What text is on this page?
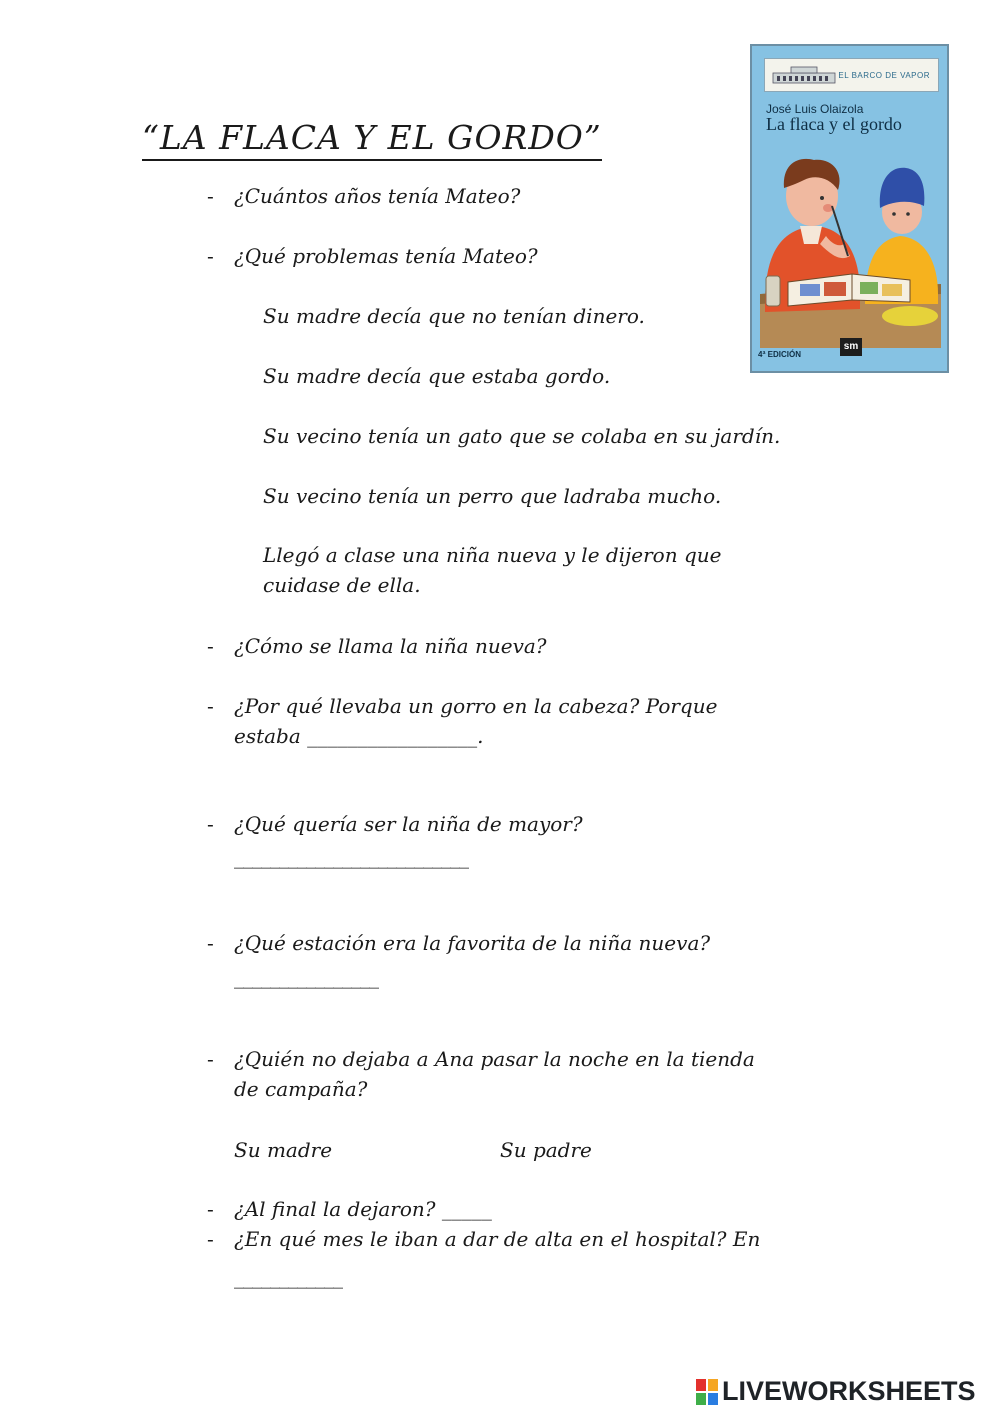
“LA FLACA Y EL GORDO”
EL BARCO DE VAPOR
José Luis Olaizola
La flaca y el gordo
4ª EDICIÓN
sm
- ¿Cuántos años tenía Mateo?
- ¿Qué problemas tenía Mateo?
Su madre decía que no tenían dinero.
Su madre decía que estaba gordo.
Su vecino tenía un gato que se colaba en su jardín.
Su vecino tenía un perro que ladraba mucho.
Llegó a clase una niña nueva y le dijeron que
cuidase de ella.
- ¿Cómo se llama la niña nueva?
- ¿Por qué llevaba un gorro en la cabeza? Porque
estaba _________________.
- ¿Qué quería ser la niña de mayor?
__________________________
- ¿Qué estación era la favorita de la niña nueva?
________________
- ¿Quién no dejaba a Ana pasar la noche en la tienda
de campaña?
Su madre	Su padre
- ¿Al final la dejaron? _____
- ¿En qué mes le iban a dar de alta en el hospital? En
____________
LIVEWORKSHEETS
